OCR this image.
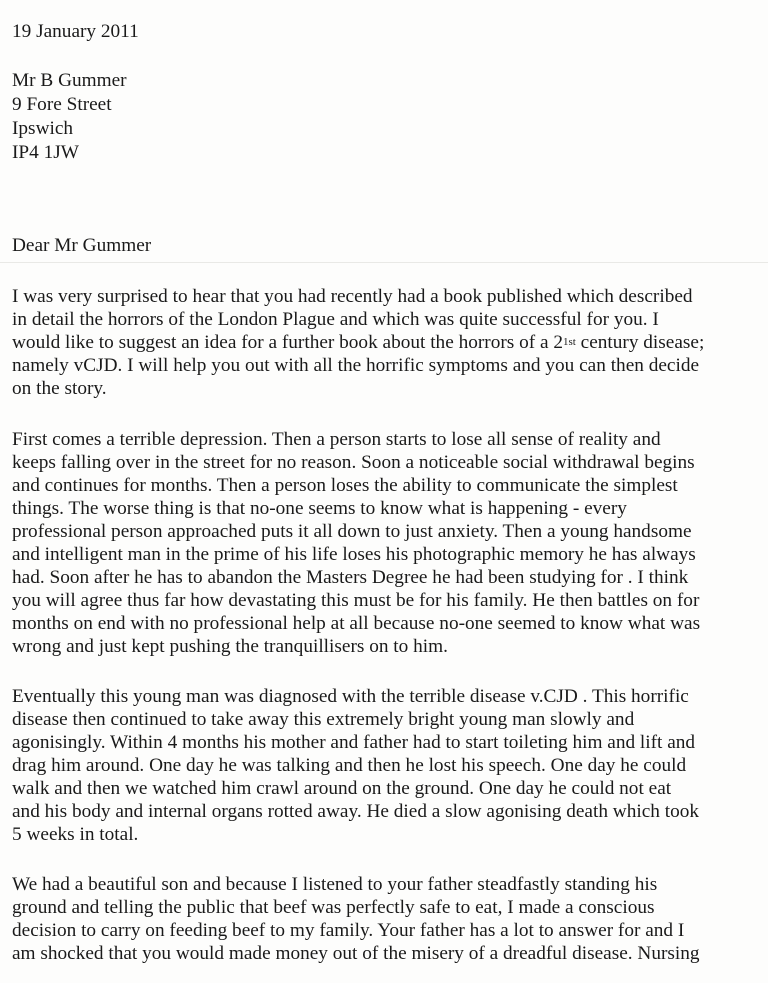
19 January 2011
Mr B Gummer
9 Fore Street
Ipswich
IP4 1JW
Dear Mr Gummer
I was very surprised to hear that you had recently had a book published which described
in detail the horrors of the London Plague and which was quite successful for you. I
would like to suggest an idea for a further book about the horrors of a $2^{1st}$ century disease;
namely vCJD. I will help you out with all the horrific symptoms and you can then decide
on the story.
First comes a terrible depression. Then a person starts to lose all sense of reality and
keeps falling over in the street for no reason. Soon a noticeable social withdrawal begins
and continues for months. Then a person loses the ability to communicate the simplest
things. The worse thing is that no-one seems to know what is happening - every
professional person approached puts it all down to just anxiety. Then a young handsome
and intelligent man in the prime of his life loses his photographic memory he has always
had. Soon after he has to abandon the Masters Degree he had been studying for . I think
you will agree thus far how devastating this must be for his family. He then battles on for
months on end with no professional help at all because no-one seemed to know what was
wrong and just kept pushing the tranquillisers on to him.
Eventually this young man was diagnosed with the terrible disease v.CJD . This horrific
disease then continued to take away this extremely bright young man slowly and
agonisingly. Within 4 months his mother and father had to start toileting him and lift and
drag him around. One day he was talking and then he lost his speech. One day he could
walk and then we watched him crawl around on the ground. One day he could not eat
and his body and internal organs rotted away. He died a slow agonising death which took
5 weeks in total.
We had a beautiful son and because I listened to your father steadfastly standing his
ground and telling the public that beef was perfectly safe to eat, I made a conscious
decision to carry on feeding beef to my family. Your father has a lot to answer for and I
am shocked that you would made money out of the misery of a dreadful disease. Nursing
